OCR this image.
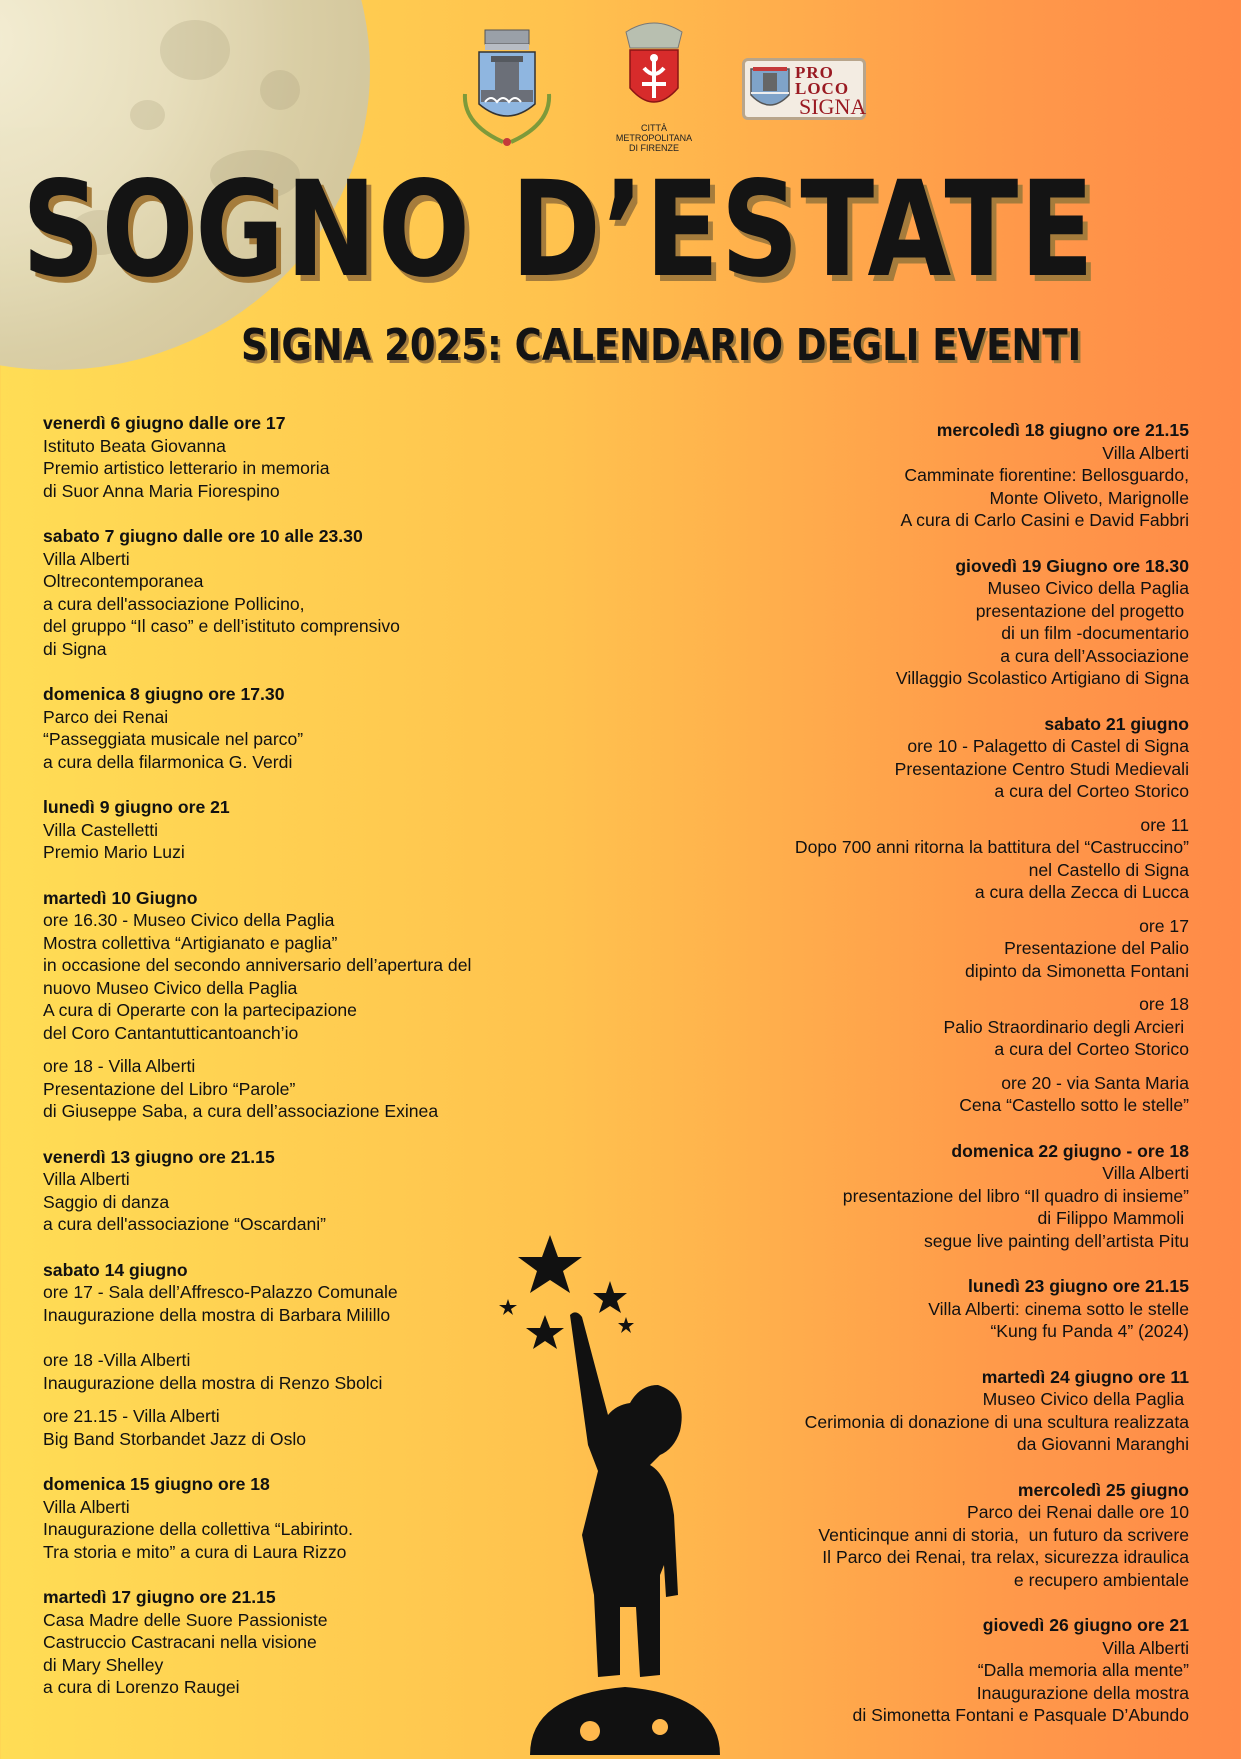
CITTÀ METROPOLITANA
DI FIRENZE
PRO
LOCO
SIGNA
SOGNO D’ESTATE
SIGNA 2025: CALENDARIO DEGLI EVENTI
venerdì 6 giugno dalle ore 17
Istituto Beata Giovanna
Premio artistico letterario in memoria
di Suor Anna Maria Fiorespino
sabato 7 giugno dalle ore 10 alle 23.30
Villa Alberti
Oltrecontemporanea
a cura dell'associazione Pollicino,
del gruppo “Il caso” e dell’istituto comprensivo
di Signa
domenica 8 giugno ore 17.30
Parco dei Renai
“Passeggiata musicale nel parco”
a cura della filarmonica G. Verdi
lunedì 9 giugno ore 21
Villa Castelletti
Premio Mario Luzi
martedì 10 Giugno
ore 16.30 - Museo Civico della Paglia
Mostra collettiva “Artigianato e paglia”
in occasione del secondo anniversario dell’apertura del
nuovo Museo Civico della Paglia
A cura di Operarte con la partecipazione
del Coro Cantantutticantoanch’io
ore 18 - Villa Alberti
Presentazione del Libro “Parole”
di Giuseppe Saba, a cura dell’associazione Exinea
venerdì 13 giugno ore 21.15
Villa Alberti
Saggio di danza
a cura dell'associazione “Oscardani”
sabato 14 giugno
ore 17 - Sala dell’Affresco-Palazzo Comunale
Inaugurazione della mostra di Barbara Milillo
ore 18 -Villa Alberti
Inaugurazione della mostra di Renzo Sbolci
ore 21.15 - Villa Alberti
Big Band Storbandet Jazz di Oslo
domenica 15 giugno ore 18
Villa Alberti
Inaugurazione della collettiva “Labirinto.
Tra storia e mito” a cura di Laura Rizzo
martedì 17 giugno ore 21.15
Casa Madre delle Suore Passioniste
Castruccio Castracani nella visione
di Mary Shelley
a cura di Lorenzo Raugei
mercoledì 18 giugno ore 21.15
Villa Alberti
Camminate fiorentine: Bellosguardo,
Monte Oliveto, Marignolle
A cura di Carlo Casini e David Fabbri
giovedì 19 Giugno ore 18.30
Museo Civico della Paglia
presentazione del progetto
di un film -documentario
a cura dell’Associazione
Villaggio Scolastico Artigiano di Signa
sabato 21 giugno
ore 10 - Palagetto di Castel di Signa
Presentazione Centro Studi Medievali
a cura del Corteo Storico
ore 11
Dopo 700 anni ritorna la battitura del “Castruccino”
nel Castello di Signa
a cura della Zecca di Lucca
ore 17
Presentazione del Palio
dipinto da Simonetta Fontani
ore 18
Palio Straordinario degli Arcieri
a cura del Corteo Storico
ore 20 - via Santa Maria
Cena “Castello sotto le stelle”
domenica 22 giugno - ore 18
Villa Alberti
presentazione del libro “Il quadro di insieme”
di Filippo Mammoli
segue live painting dell’artista Pitu
lunedì 23 giugno ore 21.15
Villa Alberti: cinema sotto le stelle
“Kung fu Panda 4” (2024)
martedì 24 giugno ore 11
Museo Civico della Paglia
Cerimonia di donazione di una scultura realizzata
da Giovanni Maranghi
mercoledì 25 giugno
Parco dei Renai dalle ore 10
Venticinque anni di storia,  un futuro da scrivere
Il Parco dei Renai, tra relax, sicurezza idraulica
e recupero ambientale
giovedì 26 giugno ore 21
Villa Alberti
“Dalla memoria alla mente”
Inaugurazione della mostra
di Simonetta Fontani e Pasquale D’Abundo
